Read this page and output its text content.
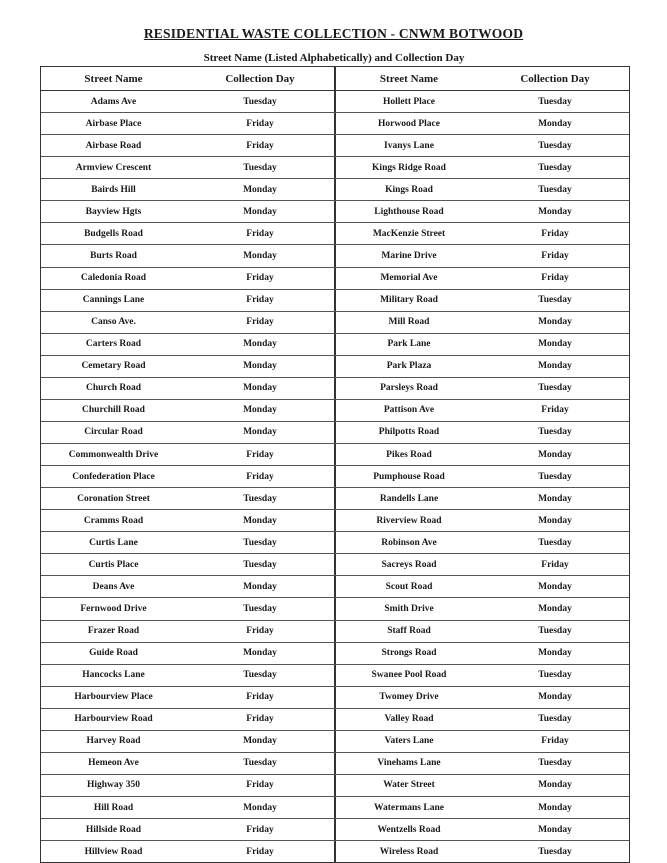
RESIDENTIAL WASTE COLLECTION - CNWM BOTWOOD
Street Name (Listed Alphabetically) and Collection Day
Street Name	Collection Day	Street Name	Collection Day
Adams Ave	Tuesday	Hollett Place	Tuesday
Airbase Place	Friday	Horwood Place	Monday
Airbase Road	Friday	Ivanys Lane	Tuesday
Armview Crescent	Tuesday	Kings Ridge Road	Tuesday
Bairds Hill	Monday	Kings Road	Tuesday
Bayview Hgts	Monday	Lighthouse Road	Monday
Budgells Road	Friday	MacKenzie Street	Friday
Burts Road	Monday	Marine Drive	Friday
Caledonia Road	Friday	Memorial Ave	Friday
Cannings Lane	Friday	Military Road	Tuesday
Canso Ave.	Friday	Mill Road	Monday
Carters Road	Monday	Park Lane	Monday
Cemetary Road	Monday	Park Plaza	Monday
Church Road	Monday	Parsleys Road	Tuesday
Churchill Road	Monday	Pattison Ave	Friday
Circular Road	Monday	Philpotts Road	Tuesday
Commonwealth Drive	Friday	Pikes Road	Monday
Confederation Place	Friday	Pumphouse Road	Tuesday
Coronation Street	Tuesday	Randells Lane	Monday
Cramms Road	Monday	Riverview Road	Monday
Curtis Lane	Tuesday	Robinson Ave	Tuesday
Curtis Place	Tuesday	Sacreys Road	Friday
Deans Ave	Monday	Scout Road	Monday
Fernwood Drive	Tuesday	Smith Drive	Monday
Frazer Road	Friday	Staff Road	Tuesday
Guide Road	Monday	Strongs Road	Monday
Hancocks Lane	Tuesday	Swanee Pool Road	Tuesday
Harbourview Place	Friday	Twomey Drive	Monday
Harbourview Road	Friday	Valley Road	Tuesday
Harvey Road	Monday	Vaters Lane	Friday
Hemeon Ave	Tuesday	Vinehams Lane	Tuesday
Highway 350	Friday	Water Street	Monday
Hill Road	Monday	Watermans Lane	Monday
Hillside Road	Friday	Wentzells Road	Monday
Hillview Road	Friday	Wireless Road	Tuesday
